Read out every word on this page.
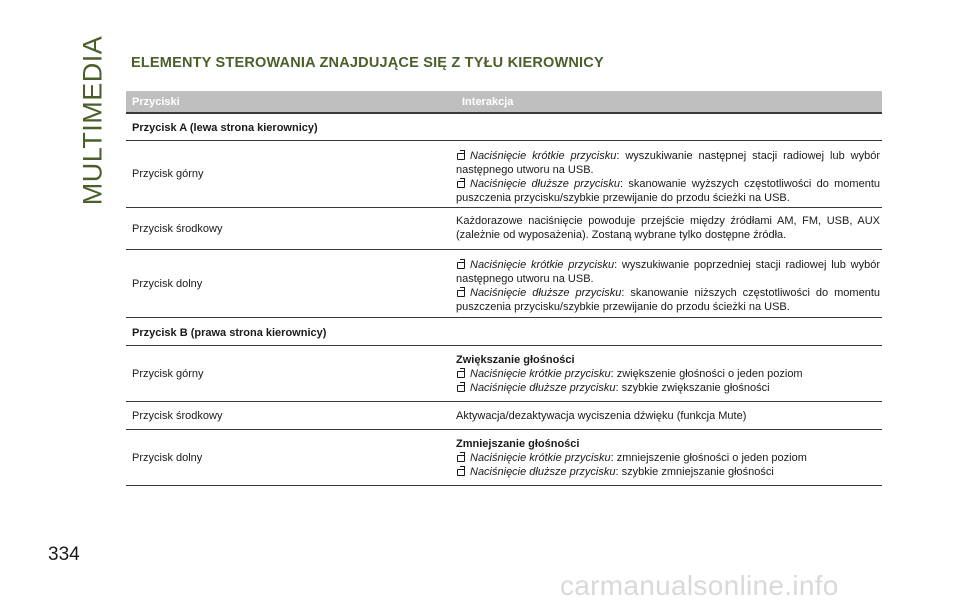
MULTIMEDIA ELEMENTY STEROWANIA ZNAJDUJĄCE SIĘ Z TYŁU KIEROWNICY
Przyciski	Interakcja
Przycisk A (lewa strona kierownicy)
Przycisk górny
Naciśnięcie krótkie przycisku: wyszukiwanie następnej stacji radiowej lub wybór następnego utworu na USB.
Naciśnięcie dłuższe przycisku: skanowanie wyższych częstotliwości do momentu puszczenia przycisku/szybkie przewijanie do przodu ścieżki na USB.
Przycisk środkowy
Każdorazowe naciśnięcie powoduje przejście między źródłami AM, FM, USB, AUX (zależnie od wyposażenia). Zostaną wybrane tylko dostępne źródła.
Przycisk dolny
Naciśnięcie krótkie przycisku: wyszukiwanie poprzedniej stacji radiowej lub wybór następnego utworu na USB.
Naciśnięcie dłuższe przycisku: skanowanie niższych częstotliwości do momentu puszczenia przycisku/szybkie przewijanie do przodu ścieżki na USB.
Przycisk B (prawa strona kierownicy)
Przycisk górny
Zwiększanie głośności
Naciśnięcie krótkie przycisku: zwiększenie głośności o jeden poziom
Naciśnięcie dłuższe przycisku: szybkie zwiększanie głośności
Przycisk środkowy	Aktywacja/dezaktywacja wyciszenia dźwięku (funkcja Mute)
Przycisk dolny
Zmniejszanie głośności
Naciśnięcie krótkie przycisku: zmniejszenie głośności o jeden poziom
Naciśnięcie dłuższe przycisku: szybkie zmniejszanie głośności
334
carmanualsonline.info
